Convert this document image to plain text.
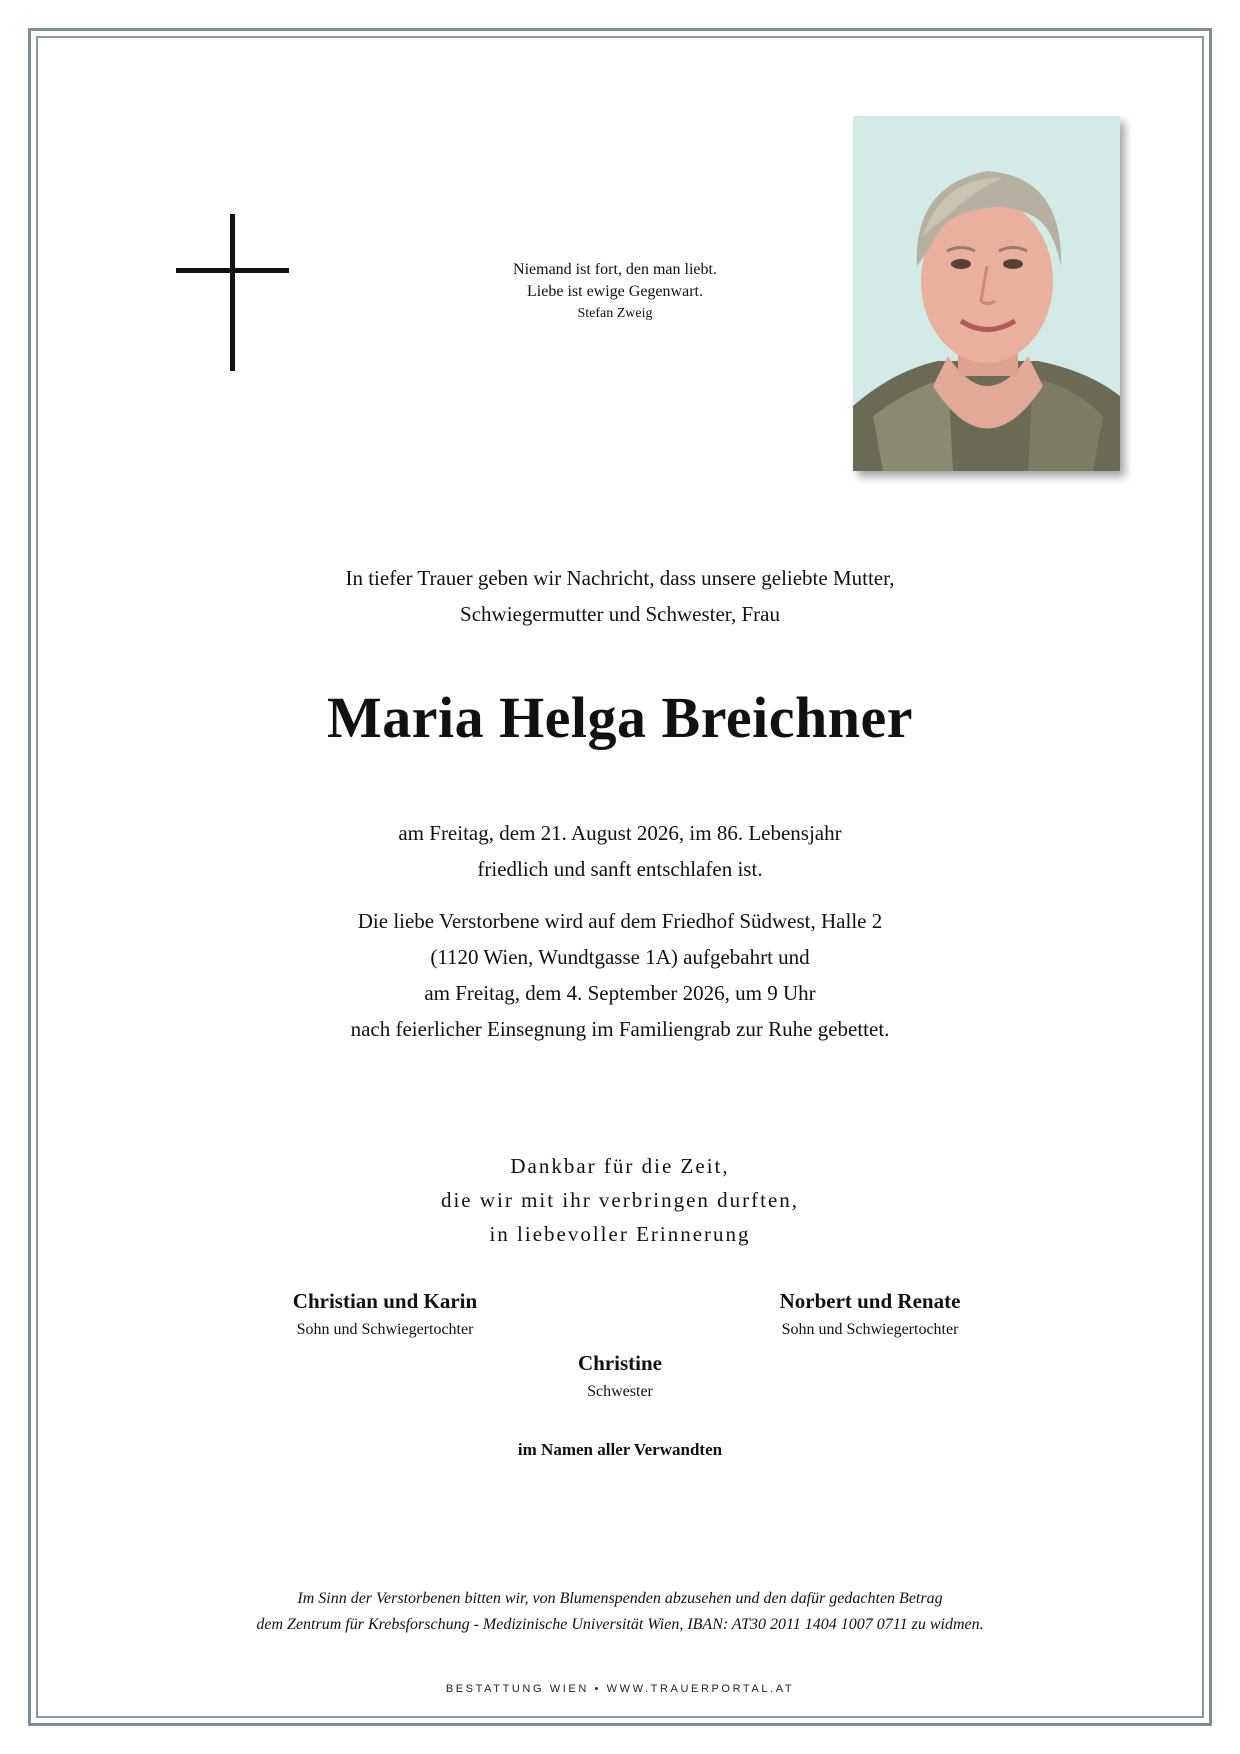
Niemand ist fort, den man liebt.
Liebe ist ewige Gegenwart.
Stefan Zweig
In tiefer Trauer geben wir Nachricht, dass unsere geliebte Mutter,
Schwiegermutter und Schwester, Frau
Maria Helga Breichner
am Freitag, dem 21. August 2026, im 86. Lebensjahr
friedlich und sanft entschlafen ist.
Die liebe Verstorbene wird auf dem Friedhof Südwest, Halle 2
(1120 Wien, Wundtgasse 1A) aufgebahrt und
am Freitag, dem 4. September 2026, um 9 Uhr
nach feierlicher Einsegnung im Familiengrab zur Ruhe gebettet.
Dankbar für die Zeit,
die wir mit ihr verbringen durften,
in liebevoller Erinnerung
Christian und Karin
Sohn und Schwiegertochter
Norbert und Renate
Sohn und Schwiegertochter
Christine
Schwester
im Namen aller Verwandten
Im Sinn der Verstorbenen bitten wir, von Blumenspenden abzusehen und den dafür gedachten Betrag
dem Zentrum für Krebsforschung - Medizinische Universität Wien, IBAN: AT30 2011 1404 1007 0711 zu widmen.
BESTATTUNG WIEN • WWW.TRAUERPORTAL.AT
